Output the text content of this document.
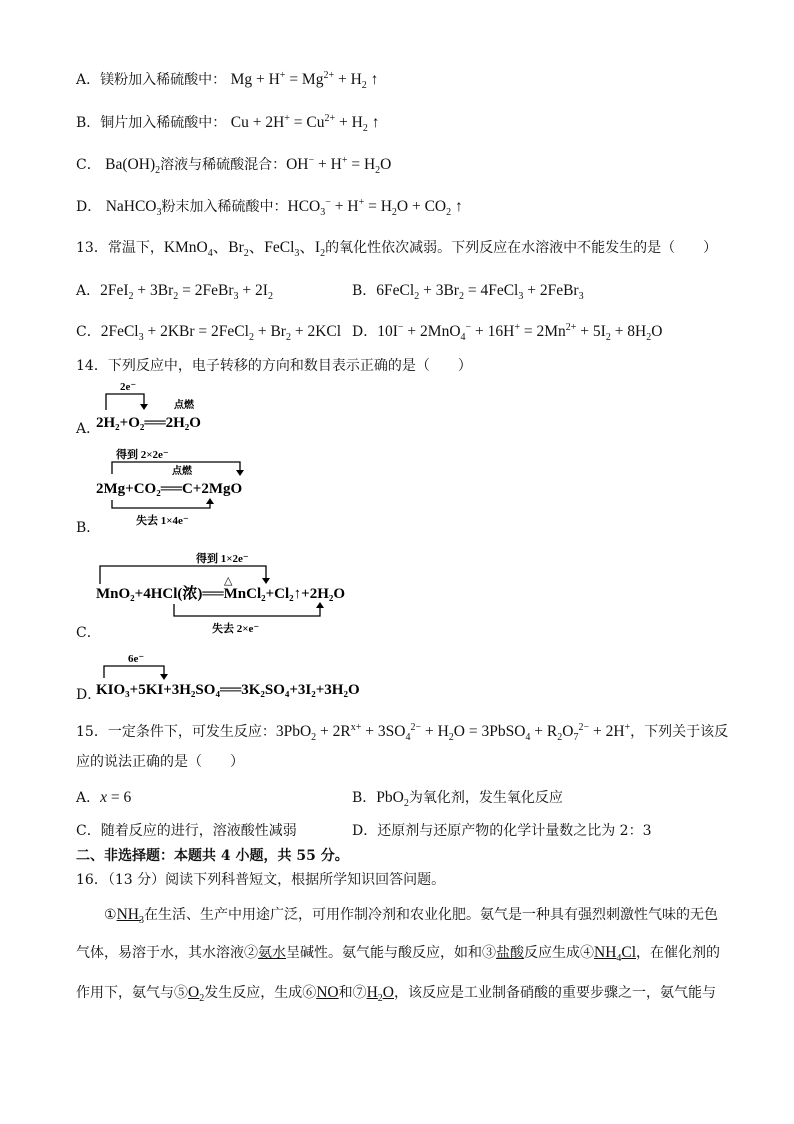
A．镁粉加入稀硫酸中： $Mg + H^+ = Mg^{2+} + H_2$ ↑
B．铜片加入稀硫酸中： $Cu + 2H^+ = Cu^{2+} + H_2$ ↑
C． $Ba(OH)_2$溶液与稀硫酸混合：$OH^- + H^+ = H_2O$
D． NaHCO$_3$粉末加入稀硫酸中：$HCO_3^- + H^+ = H_2O + CO_2$ ↑
13．常温下，KMnO$_4$、$Br_2$、FeCl$_3$、$I_2$的氧化性依次减弱。下列反应在水溶液中不能发生的是（　　）
A．$2FeI_2 + 3Br_2$ = 2FeBr$_3$ + $2I_2$	B．6FeCl$_2$ + $3Br_2$ = 4FeCl$_3$ + 2FeBr$_3$
C．2FeCl$_3$ + 2KBr = 2FeCl$_2$ + $Br_2 + 2KCl$ D．$10I^- + 2MnO_4^- + 16H^+ = 2Mn^{2+} + 5I_2 + 8H_2O$
14．下列反应中，电子转移的方向和数目表示正确的是（　　）
A．
2e⁻
点燃
2H₂+O₂══2H₂O
B．
得到 2×2e⁻
点燃
2Mg+CO₂══C+2MgO
失去 1×4e⁻
C．
得到 1×2e⁻
△
MnO₂+4HCl(浓)══MnCl₂+Cl₂↑+2H₂O
失去 2×e⁻
D．
6e⁻
KIO₃+5KI+3H₂SO₄══3K₂SO₄+3I₂+3H₂O
15．一定条件下，可发生反应：$3PbO_2 + 2R^{x+} + 3SO_4^{2-} + H_2O$ = 3PbSO$_4$ + $R_2O_7^{2-} + 2H^+$，下列关于该反
应的说法正确的是（　　）
A．x = 6	B．PbO$_2$为氧化剂，发生氧化反应
C．随着反应的进行，溶液酸性减弱	D．还原剂与还原产物的化学计量数之比为 2：3
二、非选择题：本题共 4 小题，共 55 分。
16．（13 分）阅读下列科普短文，根据所学知识回答问题。
$①NH_3$在生活、生产中用途广泛，可用作制冷剂和农业化肥。氨气是一种具有强烈刺激性气味的无色
气体，易溶于水，其水溶液②氨水呈碱性。氨气能与酸反应，如和③盐酸反应生成$④NH_4Cl$，在催化剂的
作用下，氨气与$⑤O_2$发生反应，生成⑥NO和$⑦H_2O$，该反应是工业制备硝酸的重要步骤之一，氨气能与
